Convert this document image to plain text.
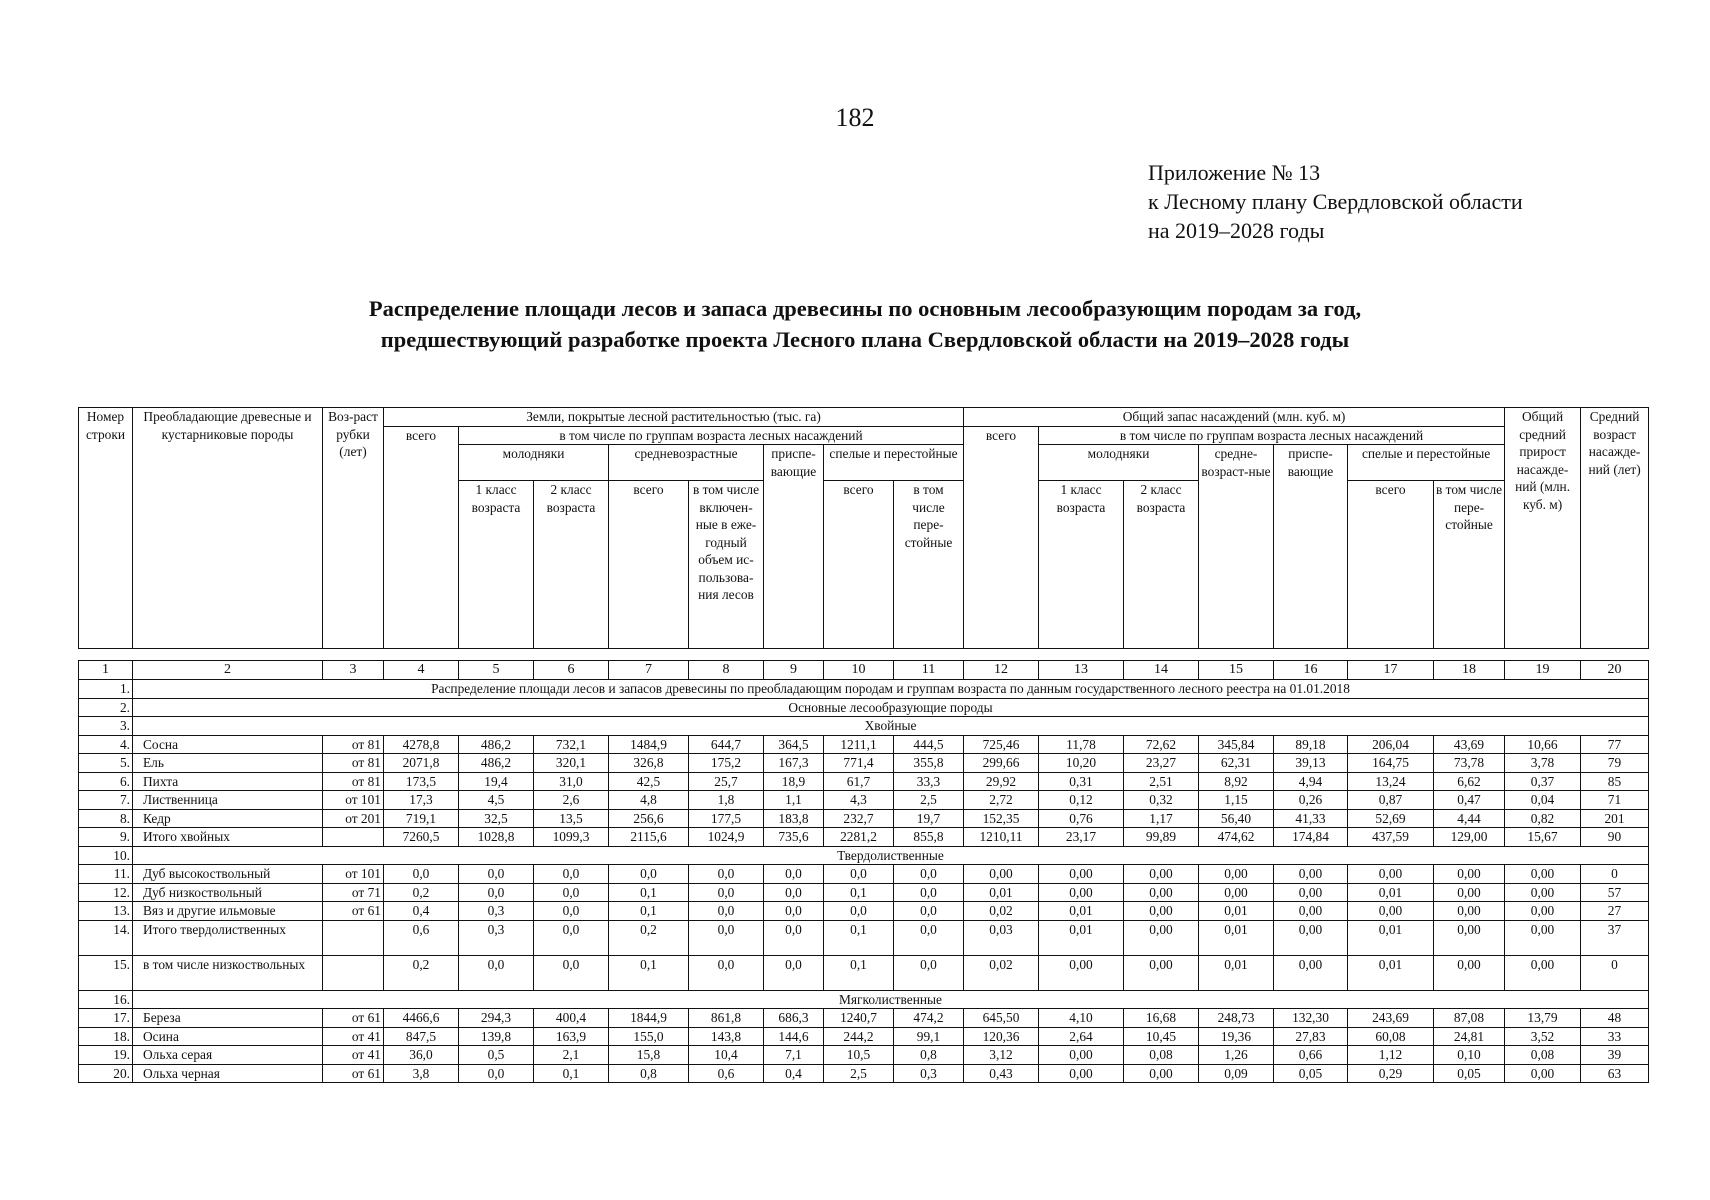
182
Приложение № 13
к Лесному плану Свердловской области
на 2019–2028 годы
Распределение площади лесов и запаса древесины по основным лесообразующим породам за год,
предшествующий разработке проекта Лесного плана Свердловской области на 2019–2028 годы
Номер строки	Преобладающие древесные и кустарниковые породы	Воз-раст рубки (лет)	Земли, покрытые лесной растительностью (тыс. га)								Общий запас насаждений (млн. куб. м)							Общий средний прирост насажде-ний (млн. куб. м)	Средний возраст насажде-ний (лет)
			всего	в том числе по группам возраста лесных насаждений							всего	в том числе по группам возраста лесных насаждений							
				молодняки		средневозрастные		приспе-вающие	спелые и перестойные			молодняки		средне-возраст-ные	приспе-вающие	спелые и перестойные			
				1 класс возраста	2 класс возраста	всего	в том числе включен-ные в еже-годный объем ис-пользова-ния лесов		всего	в том числе пере-стойные		1 класс возраста	2 класс возраста			всего	в том числе пере-стойные		
1	2	3	4	5	6	7	8	9	10	11	12	13	14	15	16	17	18	19	20
1.	Распределение площади лесов и запасов древесины по преобладающим породам и группам возраста по данным государственного лесного реестра на 01.01.2018																		
2.	Основные лесообразующие породы																		
3.	Хвойные																		
4.	Сосна	от 81	4278,8	486,2	732,1	1484,9	644,7	364,5	1211,1	444,5	725,46	11,78	72,62	345,84	89,18	206,04	43,69	10,66	77
5.	Ель	от 81	2071,8	486,2	320,1	326,8	175,2	167,3	771,4	355,8	299,66	10,20	23,27	62,31	39,13	164,75	73,78	3,78	79
6.	Пихта	от 81	173,5	19,4	31,0	42,5	25,7	18,9	61,7	33,3	29,92	0,31	2,51	8,92	4,94	13,24	6,62	0,37	85
7.	Лиственница	от 101	17,3	4,5	2,6	4,8	1,8	1,1	4,3	2,5	2,72	0,12	0,32	1,15	0,26	0,87	0,47	0,04	71
8.	Кедр	от 201	719,1	32,5	13,5	256,6	177,5	183,8	232,7	19,7	152,35	0,76	1,17	56,40	41,33	52,69	4,44	0,82	201
9.	Итого хвойных		7260,5	1028,8	1099,3	2115,6	1024,9	735,6	2281,2	855,8	1210,11	23,17	99,89	474,62	174,84	437,59	129,00	15,67	90
10.	Твердолиственные																		
11.	Дуб высокоствольный	от 101	0,0	0,0	0,0	0,0	0,0	0,0	0,0	0,0	0,00	0,00	0,00	0,00	0,00	0,00	0,00	0,00	0
12.	Дуб низкоствольный	от 71	0,2	0,0	0,0	0,1	0,0	0,0	0,1	0,0	0,01	0,00	0,00	0,00	0,00	0,01	0,00	0,00	57
13.	Вяз и другие ильмовые	от 61	0,4	0,3	0,0	0,1	0,0	0,0	0,0	0,0	0,02	0,01	0,00	0,01	0,00	0,00	0,00	0,00	27
14.	Итого твердолиственных		0,6	0,3	0,0	0,2	0,0	0,0	0,1	0,0	0,03	0,01	0,00	0,01	0,00	0,01	0,00	0,00	37
15.	в том числе низкоствольных		0,2	0,0	0,0	0,1	0,0	0,0	0,1	0,0	0,02	0,00	0,00	0,01	0,00	0,01	0,00	0,00	0
16.	Мягколиственные																		
17.	Береза	от 61	4466,6	294,3	400,4	1844,9	861,8	686,3	1240,7	474,2	645,50	4,10	16,68	248,73	132,30	243,69	87,08	13,79	48
18.	Осина	от 41	847,5	139,8	163,9	155,0	143,8	144,6	244,2	99,1	120,36	2,64	10,45	19,36	27,83	60,08	24,81	3,52	33
19.	Ольха серая	от 41	36,0	0,5	2,1	15,8	10,4	7,1	10,5	0,8	3,12	0,00	0,08	1,26	0,66	1,12	0,10	0,08	39
20.	Ольха черная	от 61	3,8	0,0	0,1	0,8	0,6	0,4	2,5	0,3	0,43	0,00	0,00	0,09	0,05	0,29	0,05	0,00	63
